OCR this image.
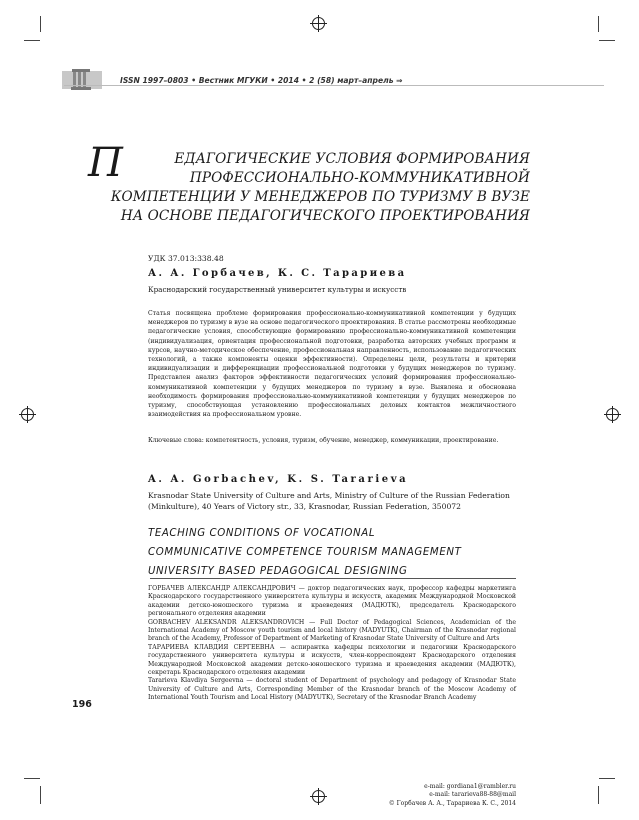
ISSN 1997–0803 • Вестник МГУКИ • 2014 • 2 (58) март–апрель ⇒
П	ЕДАГОГИЧЕСКИЕ УСЛОВИЯ ФОРМИРОВАНИЯ
ПРОФЕССИОНАЛЬНО-КОММУНИКАТИВНОЙ
КОМПЕТЕНЦИИ У МЕНЕДЖЕРОВ ПО ТУРИЗМУ В ВУЗЕ
НА ОСНОВЕ ПЕДАГОГИЧЕСКОГО ПРОЕКТИРОВАНИЯ
УДК 37.013:338.48
А. А. Горбачев, К. С. Тарариева
Краснодарский государственный университет культуры и искусств
Статья посвящена проблеме формирования профессионально-коммуникативной компетенции у будущих менеджеров по туризму в вузе на основе педагогического проектирования. В статье рассмотрены необходимые педагогические условия, способствующие формированию профессионально-коммуникативной компетенции (индивидуализация, ориентация профессиональной подготовки, разработка авторских учебных программ и курсов, научно-методическое обеспечение, профессиональная направленность, использование педагогических технологий, а также компоненты оценки эффективности). Определены цели, результаты и критерии индивидуализации и дифференциации профессиональной подготовки у будущих менеджеров по туризму. Представлен анализ факторов эффективности педагогических условий формирования профессионально-коммуникативной компетенции у будущих менеджеров по туризму в вузе. Выявлена и обоснована необходимость формирования профессионально-коммуникативной компетенции у будущих менеджеров по туризму, способствующая установлению профессиональных деловых контактов межличностного взаимодействия на профессиональном уровне.
Ключевые слова: компетентность, условия, туризм, обучение, менеджер, коммуникации, проектирование.
A. A. Gorbachev, K. S. Tararieva
Krasnodar State University of Culture and Arts, Ministry of Culture of the Russian Federation (Minkulture), 40 Years of Victory str., 33, Krasnodar, Russian Federation, 350072
TEACHING CONDITIONS OF VOCATIONAL
COMMUNICATIVE COMPETENCE TOURISM MANAGEMENT
UNIVERSITY BASED PEDAGOGICAL DESIGNING

ГОРБАЧЕВ АЛЕКСАНДР АЛЕКСАНДРОВИЧ — доктор педагогических наук, профессор кафедры маркетинга Краснодарского государственного университета культуры и искусств, академик Международной Московской академии детско-юношеского туризма и краеведения (МАДЮТК), председатель Краснодарского регионального отделения академии

GORBACHEV ALEKSANDR ALEKSANDROVICH — Full Doctor of Pedagogical Sciences, Academician of the International Academy of Moscow youth tourism and local history (MADYUTK), Chairman of the Krasnodar regional branch of the Academy, Professor of Department of Marketing of Krasnodar State University of Culture and Arts

ТАРАРИЕВА КЛАВДИЯ СЕРГЕЕВНА — аспирантка кафедры психологии и педагогики Краснодарского государственного университета культуры и искусств, член-корреспондент Краснодарского отделения Международной Московской академии детско-юношеского туризма и краеведения академии (МАДЮТК), секретарь Краснодарского отделения академии

Tararieva Klavdiya Sergeevna — doctoral student of Department of psychology and pedagogy of Krasnodar State University of Culture and Arts, Corresponding Member of the Krasnodar branch of the Moscow Academy of International Youth Tourism and Local History (MADYUTK), Secretary of the Krasnodar Branch Academy

e-mail: gordiana1@rambler.ru
e-mail: tararieva88-88@mail
© Горбачев А. А., Тарариева К. С., 2014
196
